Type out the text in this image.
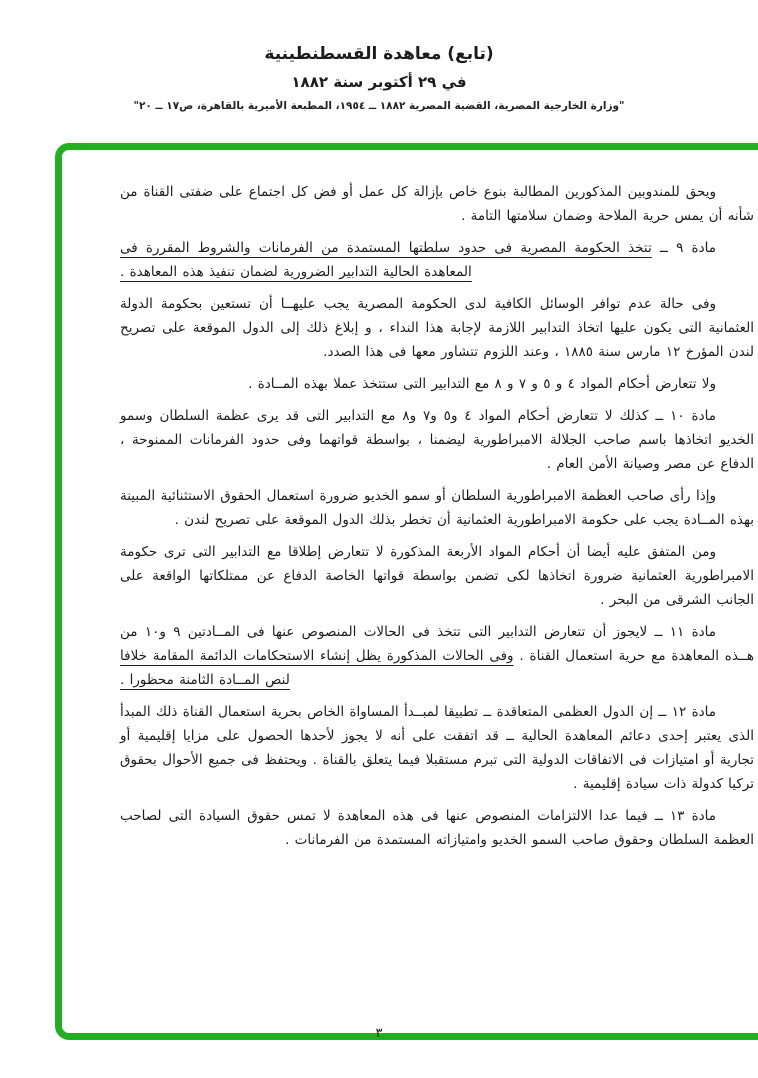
(تابع) معاهدة القسطنطينية
في ٢٩ أكتوبر سنة ١٨٨٢
"وزارة الخارجية المصرية، القضية المصرية ١٨٨٢ ــ ١٩٥٤، المطبعة الأميرية بالقاهرة، ص١٧ ــ ٢٠"

ويحق للمندوبين المذكورين المطالبة بنوع خاص بإزالة كل عمل أو فض كل اجتماع على ضفتى القناة من شأنه أن يمس حرية الملاحة وضمان سلامتها التامة .

مادة ٩ ــ تتخذ الحكومة المصرية فى حدود سلطتها المستمدة من الفرمانات والشروط المقررة فى المعاهدة الحالية التدابير الضرورية لضمان تنفيذ هذه المعاهدة .

وفى حالة عدم توافر الوسائل الكافية لدى الحكومة المصرية يجب عليهــا أن تستعين بحكومة الدولة العثمانية التى يكون عليها اتخاذ التدابير اللازمة لإجابة هذا النداء ، و إبلاغ ذلك إلى الدول الموقعة على تصريح لندن المؤرخ ١٢ مارس سنة ١٨٨٥ ، وعند اللزوم تتشاور معها فى هذا الصدد.

ولا تتعارض أحكام المواد ٤ و ٥ و ٧ و ٨ مع التدابير التى ستتخذ عملا بهذه المــادة .

مادة ١٠ ــ كذلك لا تتعارض أحكام المواد ٤ و٥ و٧ و٨ مع التدابير التى قد يرى عظمة السلطان وسمو الخديو اتخاذها باسم صاحب الجلالة الامبراطورية ليضمنا ، بواسطة قواتهما وفى حدود الفرمانات الممنوحة ، الدفاع عن مصر وصيانة الأمن العام .

وإذا رأى صاحب العظمة الامبراطورية السلطان أو سمو الخديو ضرورة استعمال الحقوق الاستثنائية المبينة بهذه المــادة يجب على حكومة الامبراطورية العثمانية أن تخطر بذلك الدول الموقعة على تصريح لندن .

ومن المتفق عليه أيضا أن أحكام المواد الأربعة المذكورة لا تتعارض إطلاقا مع التدابير التى ترى حكومة الامبراطورية العثمانية ضرورة اتخاذها لكى تضمن بواسطة قواتها الخاصة الدفاع عن ممتلكاتها الواقعة على الجانب الشرقى من البحر .

مادة ١١ ــ لايجوز أن تتعارض التدابير التى تتخذ فى الحالات المنصوص عنها فى المــادتين ٩ و١٠ من هــذه المعاهدة مع حرية استعمال القناة . وفى الحالات المذكورة يظل إنشاء الاستحكامات الدائمة المقامة خلافا لنص المــادة الثامنة محظورا .

مادة ١٢ ــ إن الدول العظمى المتعاقدة ــ تطبيقا لمبــدأ المساواة الخاص بحرية استعمال القناة ذلك المبدأ الذى يعتبر إحدى دعائم المعاهدة الحالية ــ قد اتفقت على أنه لا يجوز لأحدها الحصول على مزايا إقليمية أو تجارية أو امتيازات فى الاتفاقات الدولية التى تبرم مستقبلا فيما يتعلق بالقناة . ويحتفظ فى جميع الأحوال بحقوق تركيا كدولة ذات سيادة إقليمية .

مادة ١٣ ــ فيما عدا الالتزامات المنصوص عنها فى هذه المعاهدة لا تمس حقوق السيادة التى لصاحب العظمة السلطان وحقوق صاحب السمو الخديو وامتيازاته المستمدة من الفرمانات .

٣
